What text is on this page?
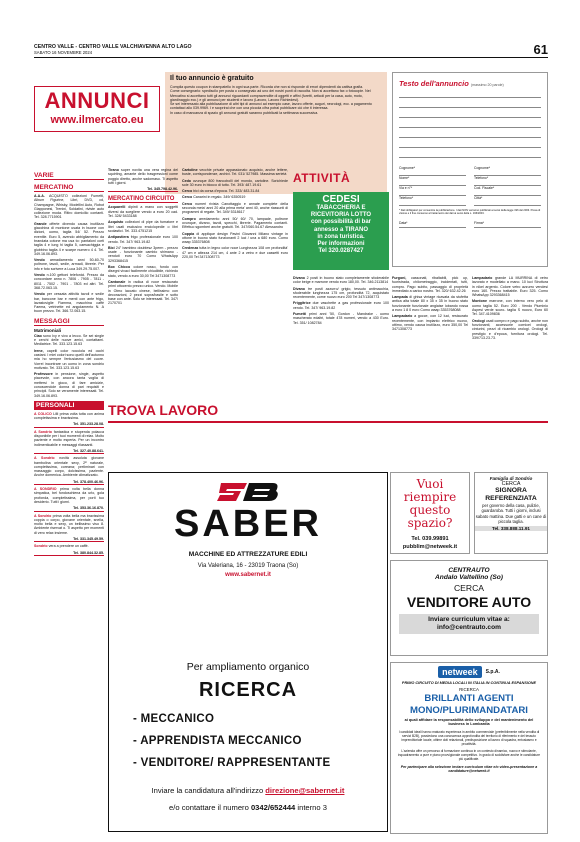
CENTRO VALLE - CENTRO VALLE VALCHIAVENNA ALTO LAGO
SABATO 16 NOVEMBRE 2024	61
ANNUNCI
www.ilmercato.eu
Il tuo annuncio è gratuito

Compila questo coupon in stampatello in ogni sua parte. Ricorda che non si risponde di errori dipendenti da cattiva grafia.

Come consegnarlo: spediscilo per posta o consegnalo ad uno dei nostri punti di raccolta. Non si accettano fax o fotocopie. Nel Mercatino si accettano tutti gli annunci riguardanti compravendite di oggetti e affini (furetti, articoli per la casa, auto, moto, giardinaggio ecc.) e gli annunci per studenti e lavoro (Lavoro, Lavoro Richiedesi).

Se sei interessato alla pubblicazione di altri tipi di annunci ad esempio case, lavoro offerte, auguri, necrologi, ecc. a pagamento contattaci allo 039.9969. I e scoprirai che con una piccola cifra potrai pubblicare ciò che ti interessa.

In caso di mancanza di spazio gli annunci gratuiti saranno pubblicati la settimana successiva.

Testo dell'annuncio (massimo 20 parole)
Cognome*
Nome*
Via e n°*
Telefono*
Cognome*
Telefono*
Cod. Fiscale*
Città*
* Dati obbligatori per consentire la pubblicazione. I dati NON verranno pubblicati ai sensi della legge 196 del 2003. Presa di visione e il fine consenso al trattamento dei dati ai sensi della L. 196/2003.
Data*	Firma*
VARIE
MERCATINO

A.A.A. ACQUISTO collezioni Fumetti, Album Figurine, Libri, DVD, cd, Champagne, Whisky, Modellini Auto, Robot Giapponesi, Trenini, Soldatini, riviste auto collezione moda. Ritiro domicilio contanti. Tel. 328.7715901

Grande offerte divendo causa inutilizzo giacchina di montone usata in buone con dizioni, uomo, taglia 54/ 52. Prezzo eventile. Euro 5, avendo abbigliamento da brandata cotone ma usa to: pantaloni corti taglia 4 e lung hi taglia 5, caesachiggia e giubbino taglia 4 e scarpe numero 4 4. Tel. 349.16.06.893.

Vendo armadiamento anni 50-60-70 poltrone, tavoli, sedie, armadi, librerie. Per info e foto scrivere a Luca 349.29.75.007.

Vendo n.100 gettoni telefonici. Prezzo da concordare anno n. 7806 - 7905 - 7811 - 8011 - 7502 - 7901 - 7803 ed altri. Tel. 368.72.063.15.

Vendo per cessata attività tavoli e sedie bar, bancone bar e menti con ante frigo, lavastoviglie Fiamma, macchina caffè Faema, vetrinette ed angolamento N. A buon prezzo. Tel. 366.72.063.15.

MESSAGGI
Matrimoniali

Ciao sono Ivy e vivo a lecco. Se sei single e cerchi delle nuove amici, contattami. Mediatrice. Tel. 333.123.15.63

Irene, capelli color nocciola ed occhi castani. I miei colori sono quelli dell'autunno mia ho sempre l'entusiasmo del cuore. Vorrei incontrare un uomo in zona sondrio motivato. Tel. 333.123.15.63

Professore in pensione, single, aspetto piacevole, con ancora tanta voglia di mettersi in gioco, di fare amicizie, conoscendole donna di pari requisiti e principii. Solo se veramente interessati. Tel. 349.16.06.893.

PERSONALI

A COLICO Lilli prima volta tutta con anima completissima e bravissima.

Tel. 351.233.28.08.

A Sondrio fantastica e stupenda polacca disponibile per i tuoi momenti di relax. Molto paziente e molto esperta. Per un incontro indimenticabile e messaggi rilassanti.

Tel. 327.40.88.641.

A Sondrio novità assoluta giovane bambolina orientale sexy, 2ª naturale, completissima, coreana; preliminari con massaggio corpo, dolcissima, paziente. Anche domenica. Ambiente climatizzato.

Tel. 378.400.46.96.

A SONDRIO prima volta bella donna simpatica, bel fondoschiena da urlo, gola profonda, completissima, per porti tuo desiderio. Tutti i giorni.

Tel. 353.36.16.870.

A Sondrio prima volta bella ma bravissima coppia o corpo, giovane orientale, snella, molto bella e sexy, un bellissimo viso 8. Ambiente riservat o. Ti aspetto per momenti di vero relax insieme.

Tel. 331.345.49.59.

Sondrio vera a prendere un caffè.

Tel. 380.844.32.85.

Tirano super novita una vera regina del squirting, amante dello trasgressioni come poggio diretto, anche sadomaso. Ti aspetto tutti i giorni.

Tel. 345.798.42.96.

MERCATINO CIRCUITO

Acquarelli dipinti a mano con soggetti diversi da scegliere vendo a euro 20 cad. Tel. 328/ 5433188

Acquisto collezioni di pipe da fumatore e libri usati esclusivo enciclopedie o libri scolastici. Tel. 333.4751215

Antipastiera frigo professionale euro 100 vendo. Tel. 347/ 963.19.82

Bici 24" bambino doublesz 3perm - prezzo usate - funzionante cambio shimano - venduti euro 70 Como WhatsApp 3293368415

Box Chicco colore rosso, fondo con disegni vivaci facilmente chiudibile, richiedo stato, vendo a euro 30,00 Tel 3471308773

Cantonale in radica di noce restaurato primi ottocento prezzo unico. Vendo. Mobile in Olmo laccato cinese, bellissimo con decorazioni, 2 pezzi sopra/basile e sotto base con ante. Solo se interessati. Tel. 347/ 2170701

Cartoline vecchie private appassionato acquisto, anche lettere, buste, corrispondenze, archivi. Tel. 031/ 527985. Massima serietà

Cedo ovunque 800 francobolli del mondo, cartoline. Scrichiede sole 30 euro in blocco di tutto. Tel. 393/ 487.19.61

Cerco bici da corsa d'epoca. Tel. 333/ 483.31.84

Cerco Canarini in regalo. 349/ 6350519

Cerco numeri rivista Canottaggio e annate complete della seconda meta' anni 20 alla prima meta' anni 40, anche riassunti di programmi di regate. Tel. 349/ 5318617

Compro arredamento anni 50/ 60/ 70, lampade, poltrone ovunque, divano, tavoli, specchi, librerie. Pagamento contanti. Effettuo sgomberi anche gratuiti. Tel. 347/060.54.67 Alessandro

Coppia di applique design Pavini Giovanni Milano vintage in ottone in buono stato funzionanti 2 luci / una a 680 euro. Como waap 335376808

Credenza tutta in legno color noce Lunghezza 108 cm profondità' 47 cm e altezza 214 cm, 4 ante 2 a vetro e due cassetti euro 220,00 Tel 3471308773

ATTIVITÀ
CEDESI
TABACCHERIA E
RICEVITORIA LOTTO
con possibilità di bar
annesso a TIRANO
in zona turistica.
Per informazioni
Tel 320.0287427

Divano 2 posti in buono stato completamente sfoderabile color beige e marrone vendo euro 180,00. Tel. 346.2113814

Divano tre posti azzurro/ grigio, tessuto antimacchia, sfoderabile lunghezza 175 cm, profondità 72, acquistato recentemente, come nuovo euro 200 Tel 347/1308773

Friggitrice due vaschette a gas professionale euro 100 vendo. Tel. 347/ 963.19.82

Fumetti primi anni '50, Gordon - Mandrake - uomo mascherato edaltri, totale 478 numeri, vendo a 430 Euro. Tel. 351/ 1082784

Furgoni, cassonati, ribaltabili, pick up, fuoristrada, chilometraggio, incidentati, tutti, compro. Pago subito, passaggio di proprietà immediato a carico nostro. Tel. 320/ 632.42.26

Lampada di ghisa vintage ricavata da stufetta antica alta totale 80 x 35 x 35 in buono stato funzionante funzionale anglaise lobando rossa a euro 1 8 0 euro Como waap 3353768088

Lampadario a gocce, con 12 luci, restaurato recentemente, con impianto elettrico nuovo, ottimo, vendo causa inutilizzo, euro 350,00 Tel 3471308773

Lampadario grande LA MURRINA di vetro lavorato e modellato a mano. 10 luci Struttura in nikel argento. Colore vetro azzurro vendesi euro 160. Prezzo trattabile. Euro 325. Como WhatsApp 3293368415

Montone marrone, con interno vero pelo di uomo taglia 52. Euro 200 . Vendo Piuminio Aspesi verde scuro- taglia S nuovo, Euro 60 Tel. 347-4109836

Orologi usati compro e pago subito, anche non funzionanti, accessorie cornicei orologi, cinturini, pezzi di ricambio orologi. Orologi di prestigio e d'epoca, fornitura orologi. Tel. 339/713.23.73.

TROVA LAVORO
SABER
MACCHINE ED ATTREZZATURE EDILI
Via Valeriana, 16 - 23019 Traona (So)
www.sabernet.it
Per ampliamento organico
RICERCA
- MECCANICO
- APPRENDISTA MECCANICO
- VENDITORE/ RAPPRESENTANTE
Inviare la candidatura all'indirizzo direzione@sabernet.it
e/o contattare il numero 0342/652444 interno 3
Vuoi riempire
questo
spazio?
Tel. 039.99891
pubblim@netweek.it
Famiglia di Sondrio
CERCA
SIGNORA REFERENZIATA
per governo della casa, pulizie, guardaroba. Tutti i giorni, inclusi sabato mattina. Due gatti e un cane di piccola taglia.
Tel. 338.888.11.91
CENTRAUTO
Andalo Valtellino (So)
CERCA
VENDITORE AUTO
Inviare curriculum vitae a:
info@centrauto.com
netweek	S.p.A.
PRIMO CIRCUITO DI MEDIA LOCALI IN ITALIA IN CONTINUA ESPANSIONE
RICERCA
BRILLANTI AGENTI
MONO/PLURIMANDATARI
ai quali affidare la responsabilità dello sviluppo e del mantenimento del business in Lombardia
I candidati ideali hanno maturato esperienza in ambito commerciale (preferibilmente nella vendita di servizi B2B), possiedono una conoscenza approfondita del territorio di riferimento e del tessuto imprenditoriale locale, ottime doti relazionali, predisposizione al lavoro di squadra, entusiasmo e proattività.
L'azienda offre un percorso di formazione continua in un contesto dinamico, nuovo e stimolante, inquadramento a pure e piano provvigionale competitivo. In grado di soddisfare anche le candidature più qualificate.
Per partecipare alla selezione inviare curriculum vitae e/o video-presentazione a candidature@netweek.it
